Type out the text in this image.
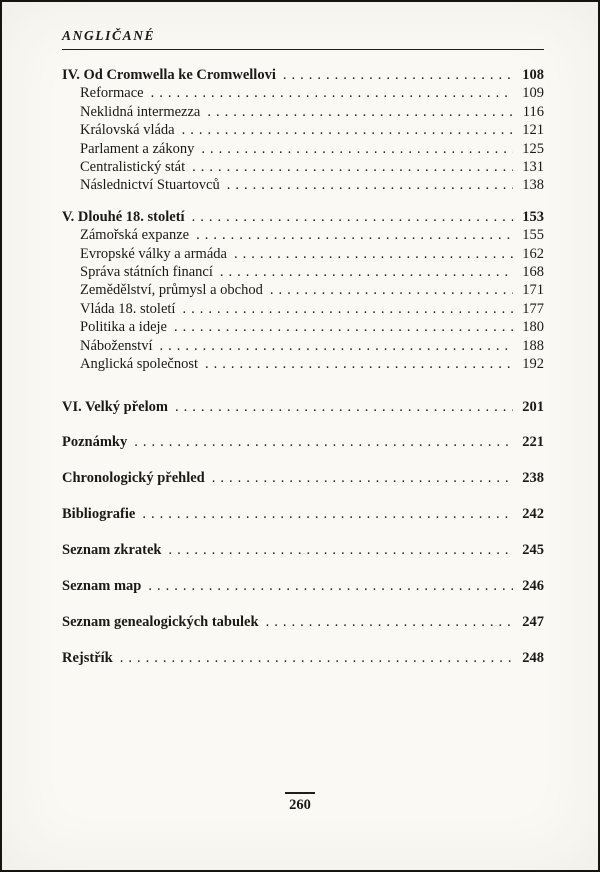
ANGLIČANÉ
IV. Od Cromwella ke Cromwellovi .....	108
Reformace .....	109
Neklidná intermezza .....	116
Královská vláda .....	121
Parlament a zákony .....	125
Centralistický stát .....	131
Následnictví Stuartovců .....	138
V. Dlouhé 18. století .....	153
Zámořská expanze .....	155
Evropské války a armáda .....	162
Správa státních financí .....	168
Zemědělství, průmysl a obchod .....	171
Vláda 18. století .....	177
Politika a ideje .....	180
Náboženství .....	188
Anglická společnost .....	192
VI. Velký přelom .....	201
Poznámky .....	221
Chronologický přehled .....	238
Bibliografie .....	242
Seznam zkratek .....	245
Seznam map .....	246
Seznam genealogických tabulek .....	247
Rejstřík .....	248
260
